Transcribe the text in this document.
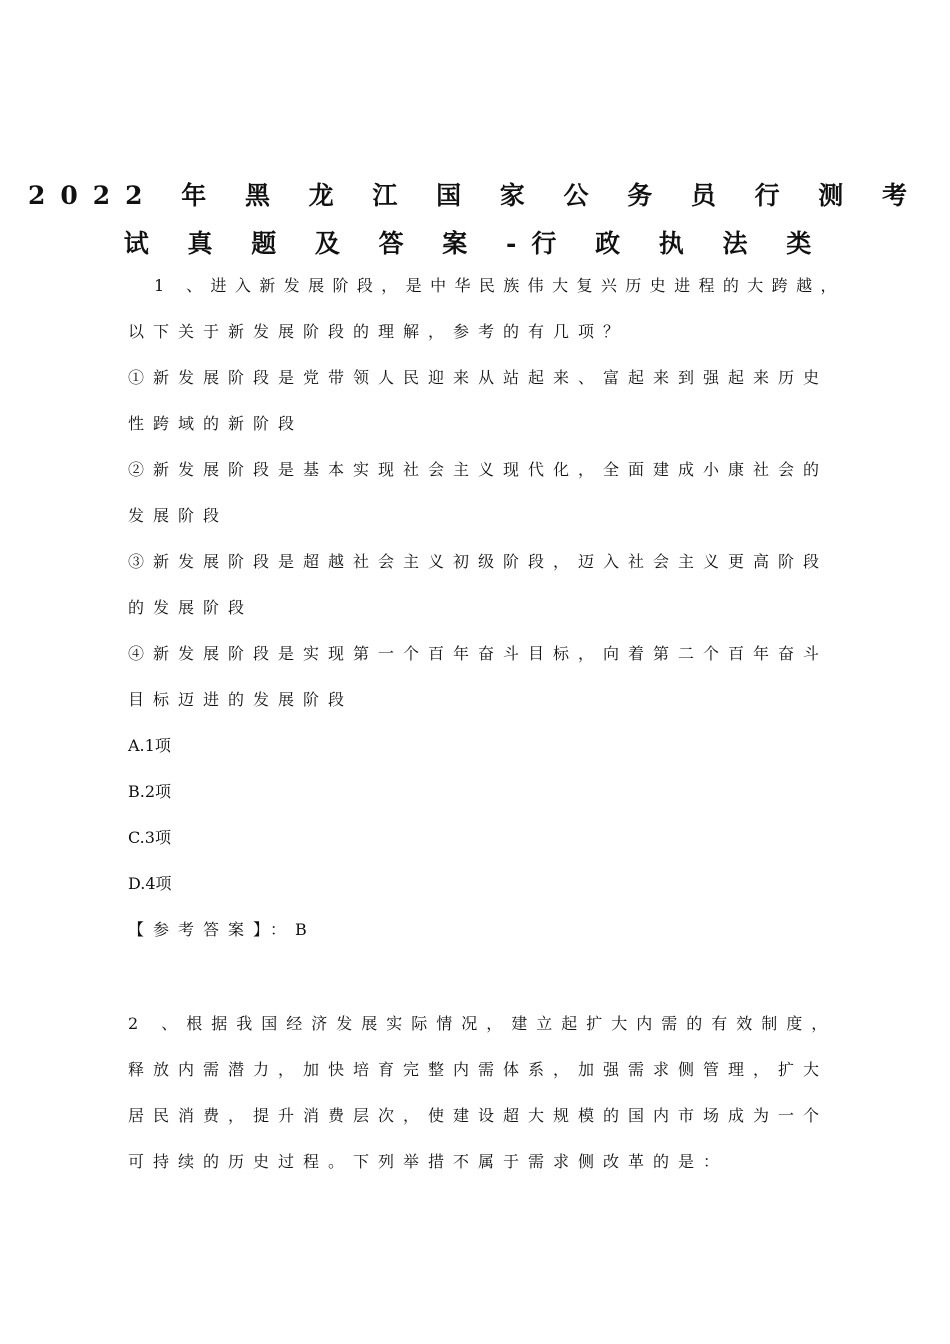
2022 年 黑 龙 江 国 家 公 务 员 行 测 考
试 真 题 及 答 案 -行 政 执 法 类
1 、进入新发展阶段，是中华民族伟大复兴历史进程的大跨越，
以下关于新发展阶段的理解，参考的有几项？
①新发展阶段是党带领人民迎来从站起来、富起来到强起来历史
性跨域的新阶段
②新发展阶段是基本实现社会主义现代化，全面建成小康社会的
发展阶段
③新发展阶段是超越社会主义初级阶段，迈入社会主义更高阶段
的发展阶段
④新发展阶段是实现第一个百年奋斗目标，向着第二个百年奋斗
目标迈进的发展阶段
A.1项
B.2项
C.3项
D.4项
【参考答案】：B
2 、根据我国经济发展实际情况，建立起扩大内需的有效制度，
释放内需潜力，加快培育完整内需体系，加强需求侧管理，扩大
居民消费，提升消费层次，使建设超大规模的国内市场成为一个
可持续的历史过程。下列举措不属于需求侧改革的是：
